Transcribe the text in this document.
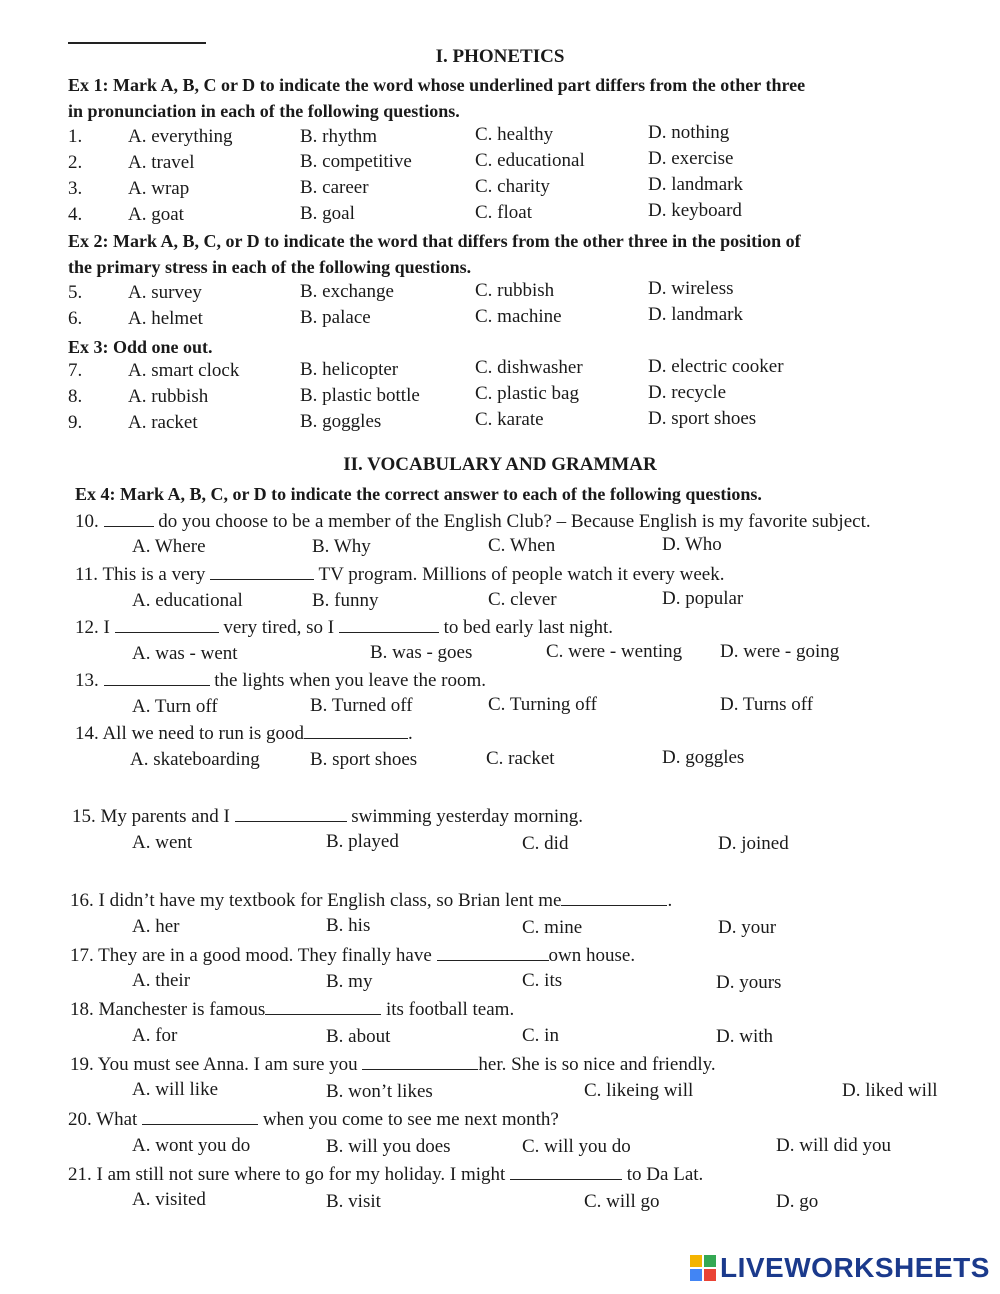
I. PHONETICS
Ex 1: Mark A, B, C or D to indicate the word whose underlined part differs from the other three
in pronunciation in each of the following questions.
1. A. everything	B. rhythm	C. healthy	D. nothing
2. A. travel	B. competitive	C. educational	D. exercise
3. A. wrap	B. career	C. charity	D. landmark
4. A. goat	B. goal	C. float	D. keyboard
Ex 2: Mark A, B, C, or D to indicate the word that differs from the other three in the position of
the primary stress in each of the following questions.
5. A. survey	B. exchange	C. rubbish	D. wireless
6. A. helmet	B. palace	C. machine	D. landmark
Ex 3: Odd one out.
7. A. smart clock	B. helicopter	C. dishwasher	D. electric cooker
8. A. rubbish	B. plastic bottle	C. plastic bag	D. recycle
9. A. racket	B. goggles	C. karate	D. sport shoes
II. VOCABULARY AND GRAMMAR
Ex 4: Mark A, B, C, or D to indicate the correct answer to each of the following questions.
10.	do you choose to be a member of the English Club? – Because English is my favorite subject.
A. Where	B. Why	C. When	D. Who
11. This is a very	TV program. Millions of people watch it every week.
A. educational	B. funny	C. clever	D. popular
12. I	very tired, so I	to bed early last night.
A. was - went	B. was - goes	C. were - wenting D. were - going
13.	the lights when you leave the room.
A. Turn off	B. Turned off	C. Turning off	D. Turns off
14. All we need to run is good	.
A. skateboarding	B. sport shoes	C. racket	D. goggles
15. My parents and I	swimming yesterday morning.
A. went	B. played	C. did	D. joined
16. I didn’t have my textbook for English class, so Brian lent me	.
A. her	B. his	C. mine	D. your
17. They are in a good mood. They finally have	own house.
A. their	B. my	C. its	D. yours
18. Manchester is famous	its football team.
A. for	B. about	C. in	D. with
19. You must see Anna. I am sure you	her. She is so nice and friendly.
A. will like	B. won’t likes	C. likeing will	D. liked will
20. What	when you come to see me next month?
A. wont you do	B. will you does	C. will you do	D. will did you
21. I am still not sure where to go for my holiday. I might	to Da Lat.
A. visited	B. visit	C. will go	D. go
LIVEWORKSHEETS
